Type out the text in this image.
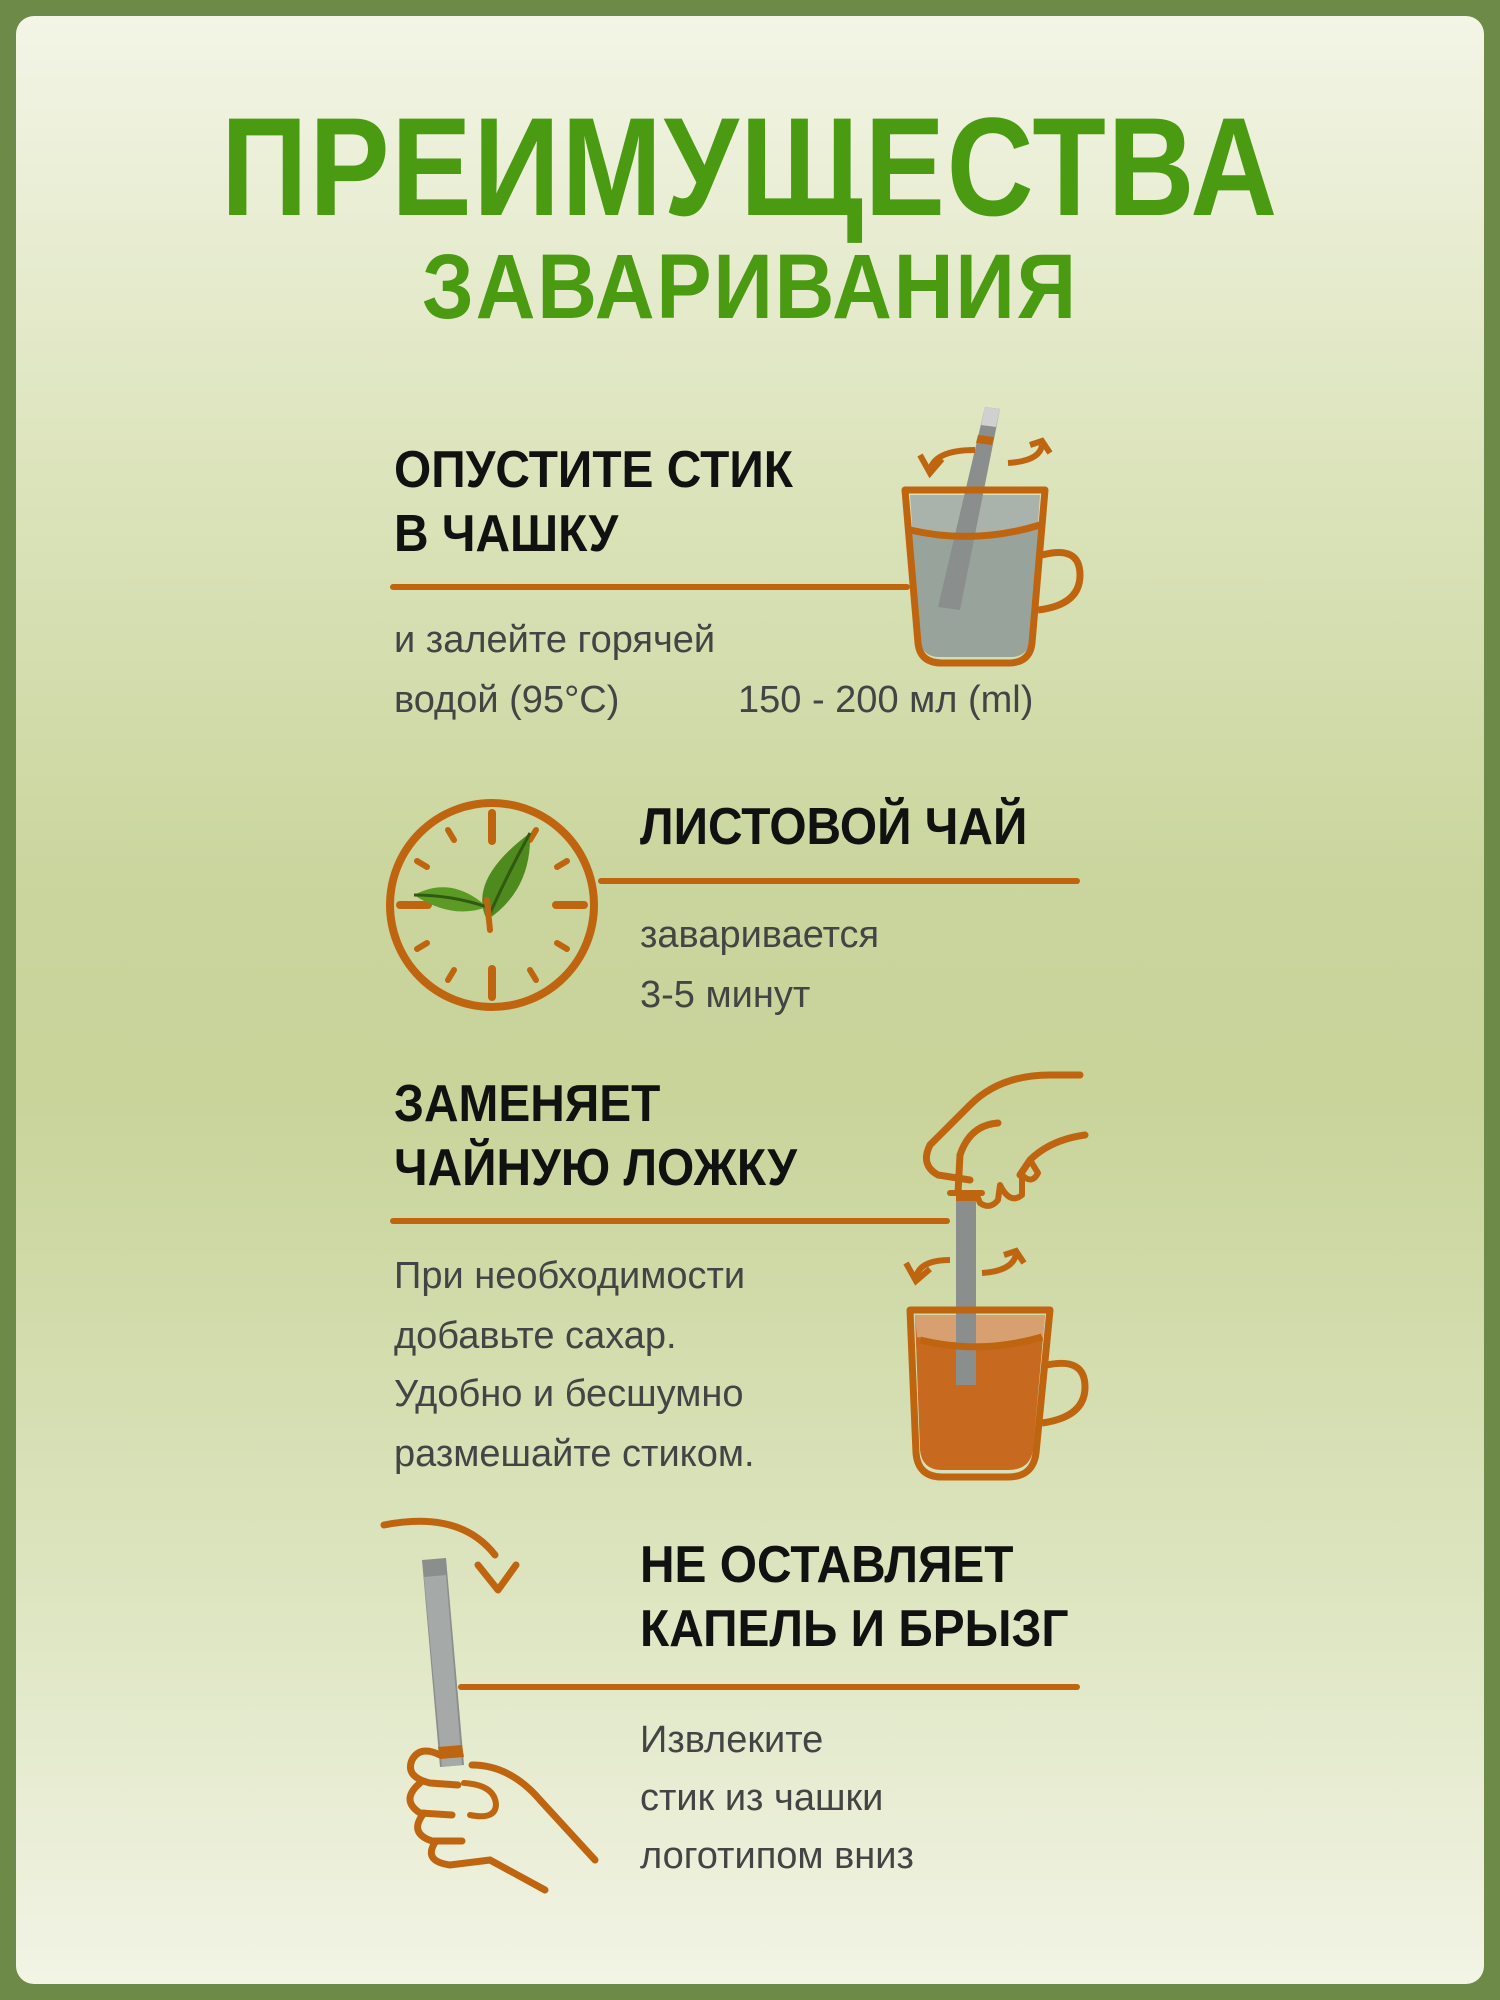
ПРЕИМУЩЕСТВА
ЗАВАРИВАНИЯ
ОПУСТИТЕ СТИК
В ЧАШКУ
и залейте горячей
водой (95°С)	150 - 200 мл (ml)
ЛИСТОВОЙ ЧАЙ
заваривается
3-5 минут
ЗАМЕНЯЕТ
ЧАЙНУЮ ЛОЖКУ
При необходимости
добавьте сахар.
Удобно и бесшумно
размешайте стиком.
НЕ ОСТАВЛЯЕТ
КАПЕЛЬ И БРЫЗГ
Извлеките
стик из чашки
логотипом вниз
